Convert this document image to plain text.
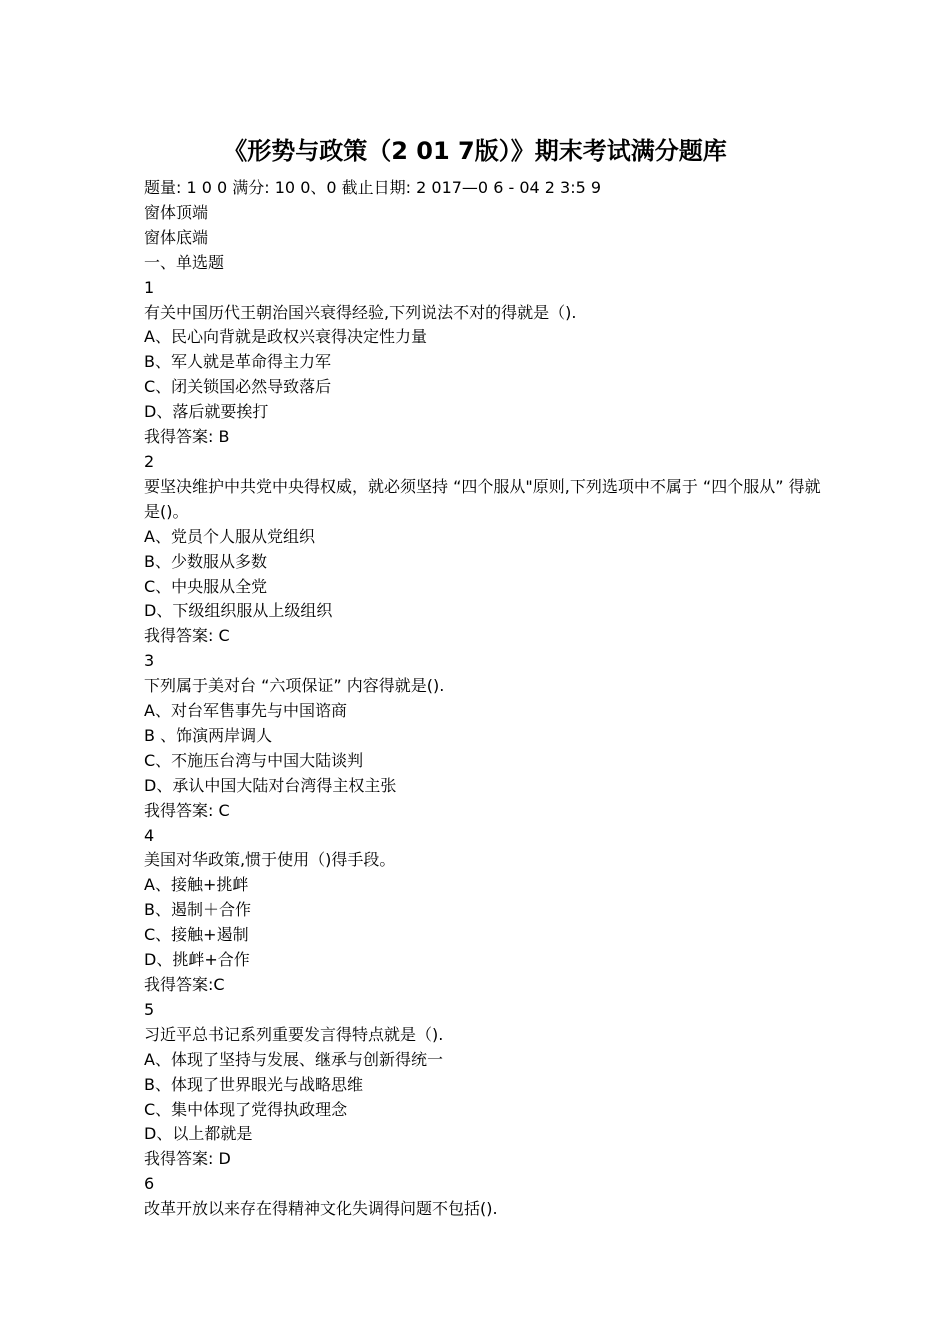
《形势与政策（2 01 7版）》期末考试满分题库
题量: 1 0 0 满分: 10 0、0 截止日期: 2 017—0 6 - 04 2 3:5 9
窗体顶端
窗体底端
一、单选题
1
有关中国历代王朝治国兴衰得经验,下列说法不对的得就是（).
A、民心向背就是政权兴衰得决定性力量
B、军人就是革命得主力军
C、闭关锁国必然导致落后
D、落后就要挨打
我得答案: B
2
要坚决维护中共党中央得权威，就必须坚持 “四个服从"原则,下列选项中不属于 “四个服从” 得就是()。
A、党员个人服从党组织
B、少数服从多数
C、中央服从全党
D、下级组织服从上级组织
我得答案: C
3
下列属于美对台 “六项保证” 内容得就是().
A、对台军售事先与中国谘商
B 、饰演两岸调人
C、不施压台湾与中国大陆谈判
D、承认中国大陆对台湾得主权主张
我得答案: C
4
美国对华政策,惯于使用（)得手段。
A、接触+挑衅
B、遏制＋合作
C、接触+遏制
D、挑衅+合作
我得答案:C
5
习近平总书记系列重要发言得特点就是（).
A、体现了坚持与发展、继承与创新得统一
B、体现了世界眼光与战略思维
C、集中体现了党得执政理念
D、以上都就是
我得答案: D
6
改革开放以来存在得精神文化失调得问题不包括().
